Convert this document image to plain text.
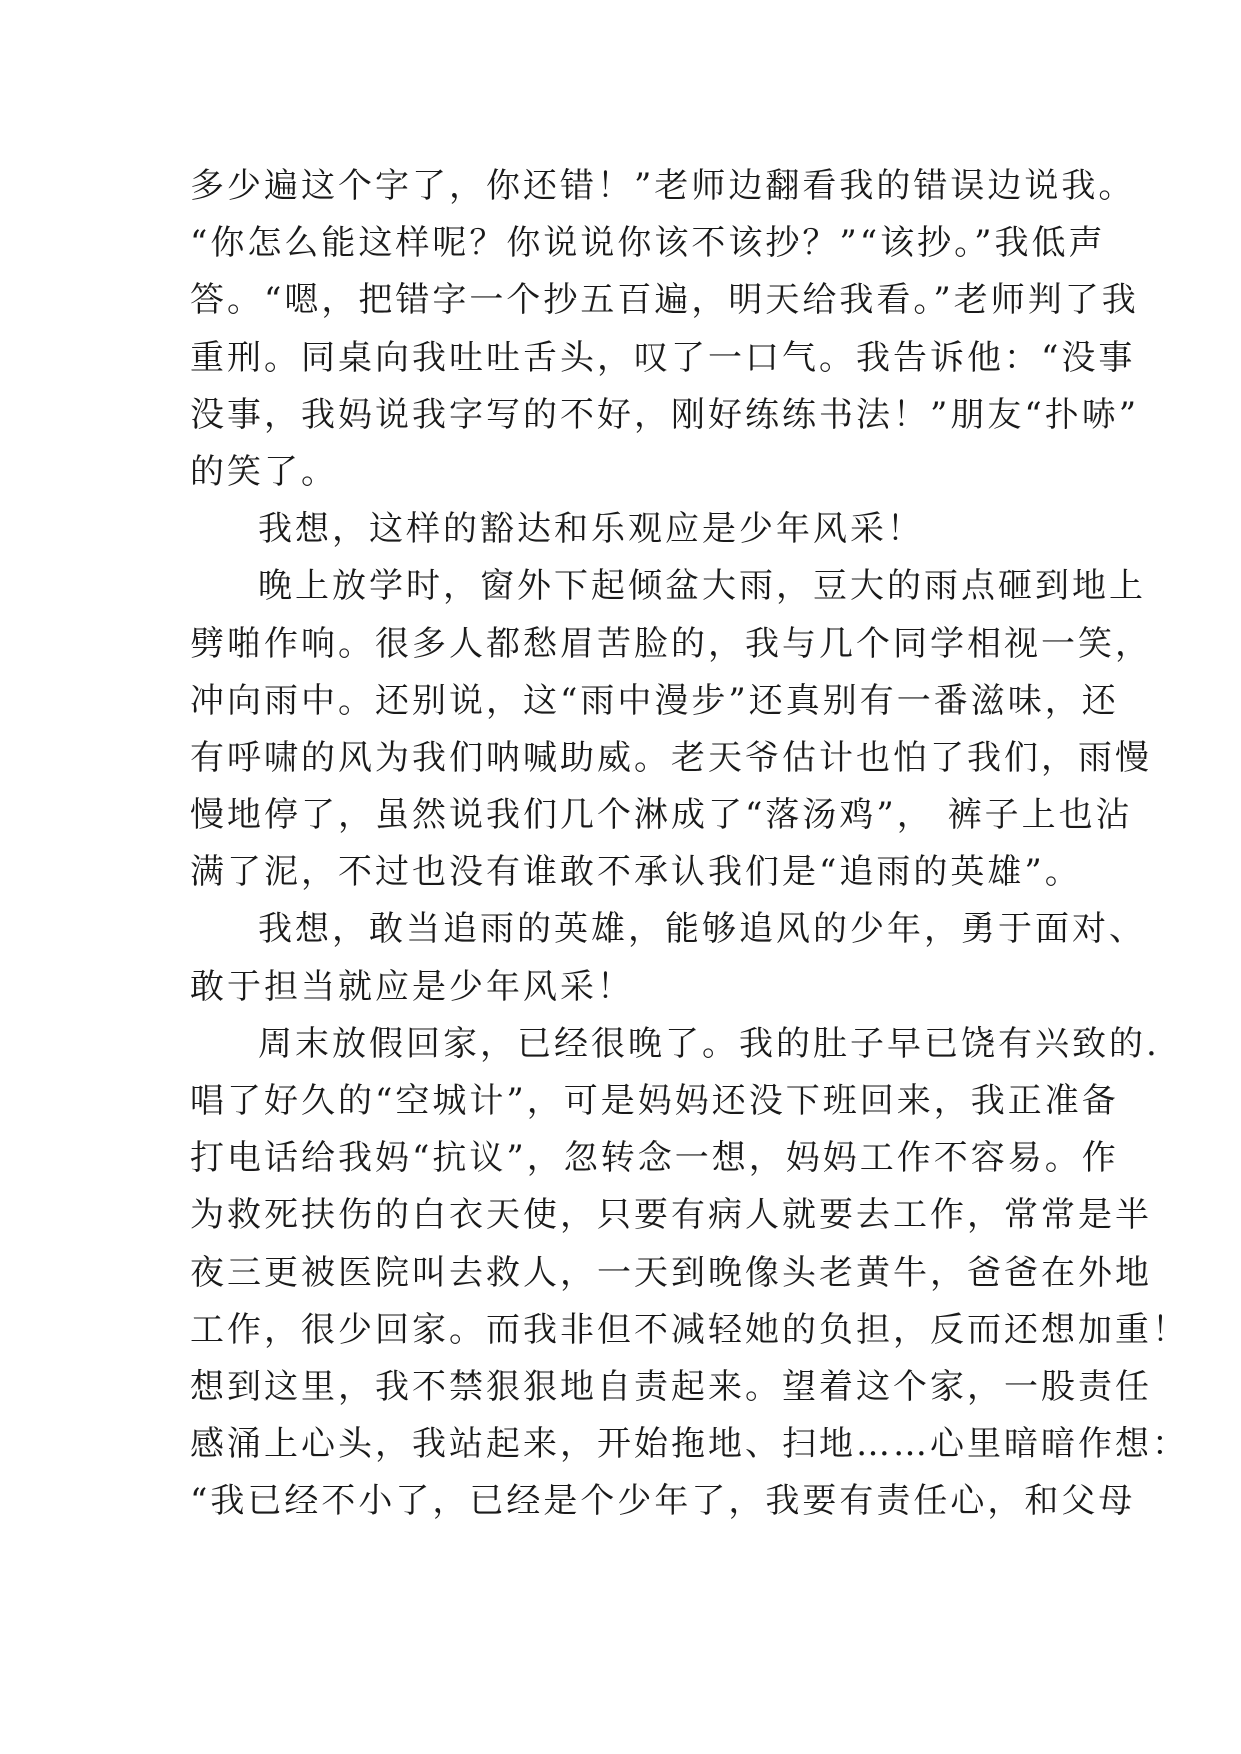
多少遍这个字了，你还错！”老师边翻看我的错误边说我。
“你怎么能这样呢？你说说你该不该抄？”“该抄。”我低声
答。“嗯，把错字一个抄五百遍，明天给我看。”老师判了我
重刑。同桌向我吐吐舌头，叹了一口气。我告诉他：“没事
没事，我妈说我字写的不好，刚好练练书法！”朋友“扑哧”
的笑了。
我想，这样的豁达和乐观应是少年风采！
晚上放学时，窗外下起倾盆大雨，豆大的雨点砸到地上
劈啪作响。很多人都愁眉苦脸的，我与几个同学相视一笑，
冲向雨中。还别说，这“雨中漫步”还真别有一番滋味，还
有呼啸的风为我们呐喊助威。老天爷估计也怕了我们，雨慢
慢地停了，虽然说我们几个淋成了“落汤鸡”， 裤子上也沾
满了泥，不过也没有谁敢不承认我们是“追雨的英雄”。
我想，敢当追雨的英雄，能够追风的少年，勇于面对、
敢于担当就应是少年风采！
周末放假回家，已经很晚了。我的肚子早已饶有兴致的.
唱了好久的“空城计”，可是妈妈还没下班回来，我正准备
打电话给我妈“抗议”，忽转念一想，妈妈工作不容易。作
为救死扶伤的白衣天使，只要有病人就要去工作，常常是半
夜三更被医院叫去救人，一天到晚像头老黄牛，爸爸在外地
工作，很少回家。而我非但不减轻她的负担，反而还想加重！
想到这里，我不禁狠狠地自责起来。望着这个家，一股责任
感涌上心头，我站起来，开始拖地、扫地……心里暗暗作想：
“我已经不小了，已经是个少年了，我要有责任心，和父母
